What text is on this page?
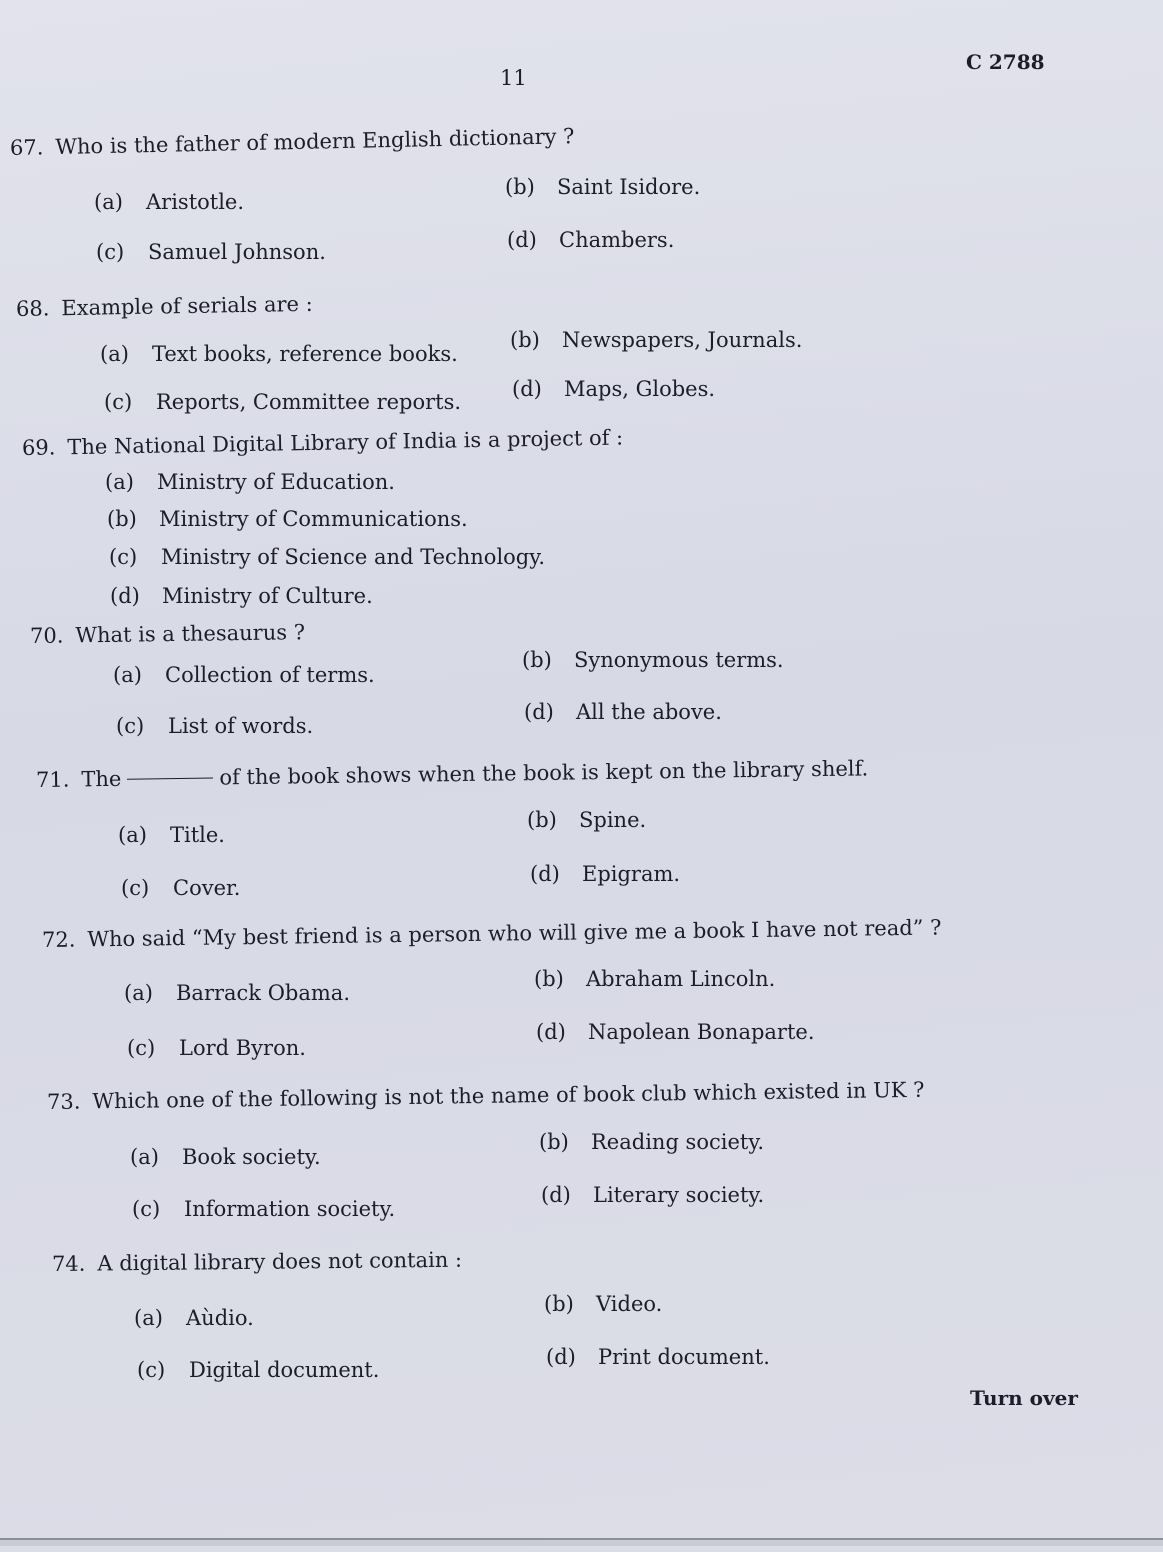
11
C 2788
67. Who is the father of modern English dictionary ?
(a) Aristotle.
(b) Saint Isidore.
(c) Samuel Johnson.	(d) Chambers.
68. Example of serials are :
(a) Text books, reference books.
(b) Newspapers, Journals.
(c) Reports, Committee reports.
(d) Maps, Globes.
69. The National Digital Library of India is a project of :
(a) Ministry of Education.
(b) Ministry of Communications.
(c) Ministry of Science and Technology.
(d) Ministry of Culture.
70. What is a thesaurus ?
(a) Collection of terms.
(b) Synonymous terms.
(c) List of words.
(d) All the above.
71. The	of the book shows when the book is kept on the library shelf.
(a) Title.
(b) Spine.
(c) Cover.
(d) Epigram.
72. Who said “My best friend is a person who will give me a book I have not read” ?
(a) Barrack Obama.
(b) Abraham Lincoln.
(c) Lord Byron.
(d) Napolean Bonaparte.
73. Which one of the following is not the name of book club which existed in UK ?
(a) Book society.
(b) Reading society.
(c) Information society.
(d) Literary society.
74. A digital library does not contain :
(a) Aùdio.
(b) Video.
(c) Digital document.
(d) Print document.
Turn over
